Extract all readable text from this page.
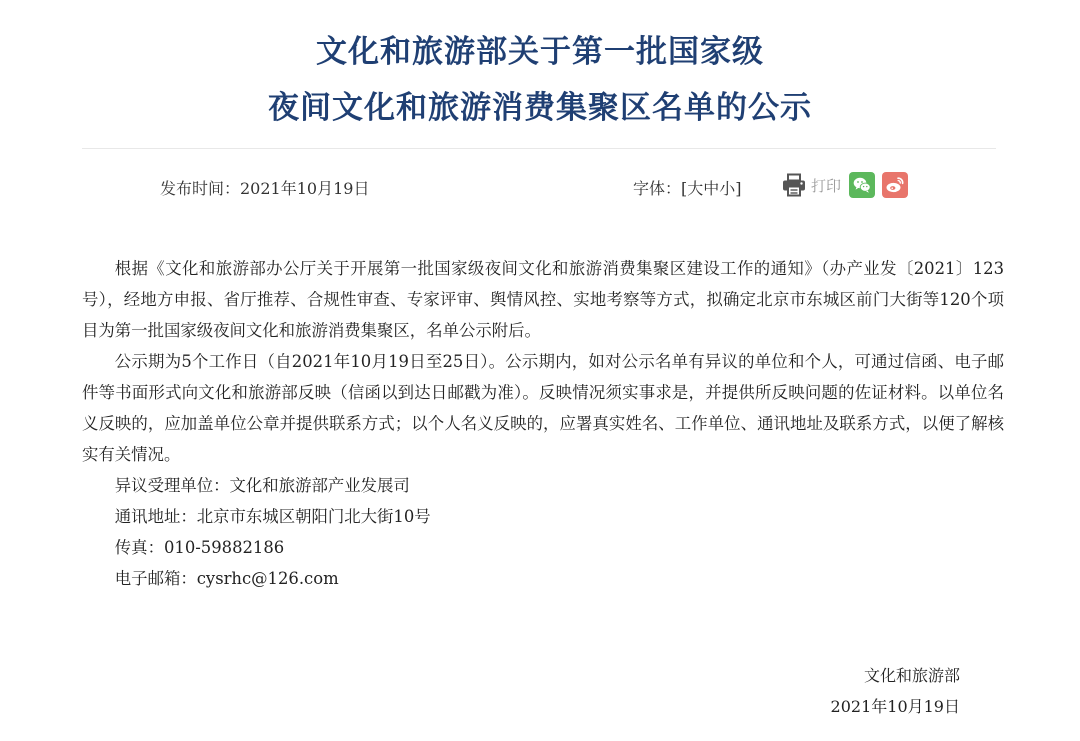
文化和旅游部关于第一批国家级
夜间文化和旅游消费集聚区名单的公示
发布时间：2021年10月19日	字体：[大中小]	打印

根据《文化和旅游部办公厅关于开展第一批国家级夜间文化和旅游消费集聚区建设工作的通知》（办产业发〔2021〕123号），经地方申报、省厅推荐、合规性审查、专家评审、舆情风控、实地考察等方式，拟确定北京市东城区前门大街等120个项目为第一批国家级夜间文化和旅游消费集聚区，名单公示附后。

公示期为5个工作日（自2021年10月19日至25日）。公示期内，如对公示名单有异议的单位和个人，可通过信函、电子邮件等书面形式向文化和旅游部反映（信函以到达日邮戳为准）。反映情况须实事求是，并提供所反映问题的佐证材料。以单位名义反映的，应加盖单位公章并提供联系方式；以个人名义反映的，应署真实姓名、工作单位、通讯地址及联系方式，以便了解核实有关情况。

异议受理单位：文化和旅游部产业发展司

通讯地址：北京市东城区朝阳门北大街10号

传真：010-59882186

电子邮箱：cysrhc@126.com

文化和旅游部
2021年10月19日
